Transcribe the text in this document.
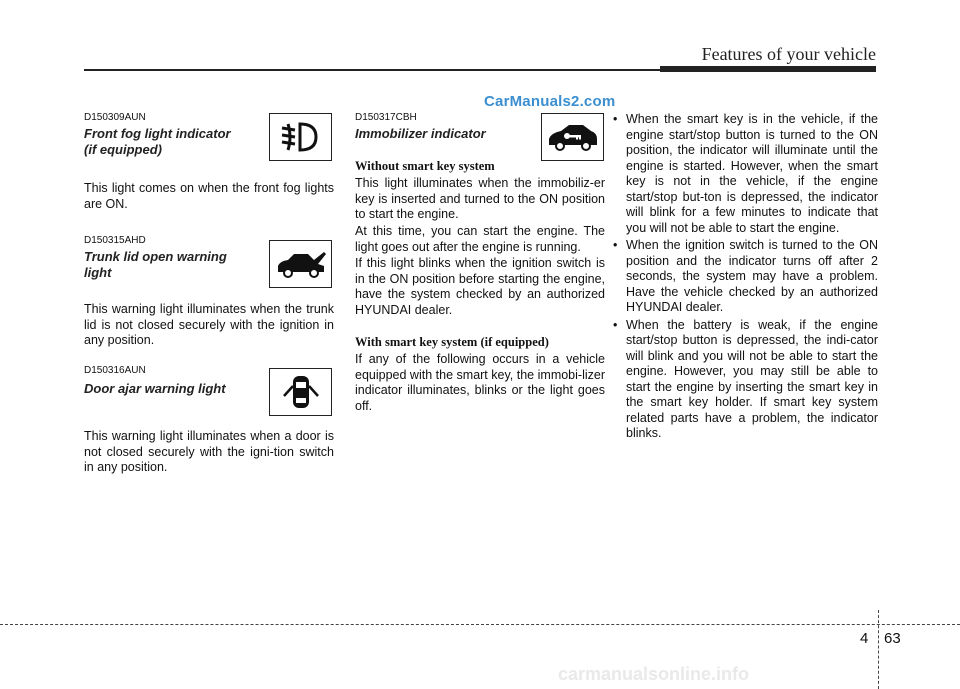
Features of your vehicle
CarManuals2.com
D150309AUN
Front fog light indicator
(if equipped)
This light comes on when the front fog lights are ON.
D150315AHD
Trunk lid open warning
light
This warning light illuminates when the trunk lid is not closed securely with the ignition in any position.
D150316AUN
Door ajar warning light
This warning light illuminates when a door is not closed securely with the igni-tion switch in any position.
D150317CBH
Immobilizer indicator
Without smart key system
This light illuminates when the immobiliz-er key is inserted and turned to the ON position to start the engine.
At this time, you can start the engine. The light goes out after the engine is running.
If this light blinks when the ignition switch is in the ON position before starting the engine, have the system checked by an authorized HYUNDAI dealer.
With smart key system (if equipped)
If any of the following occurs in a vehicle equipped with the smart key, the immobi-lizer indicator illuminates, blinks or the light goes off.
• When the smart key is in the vehicle, if the engine start/stop button is turned to the ON position, the indicator will illuminate until the engine is started. However, when the smart key is not in the vehicle, if the engine start/stop but-ton is depressed, the indicator will blink for a few minutes to indicate that you will not be able to start the engine.
• When the ignition switch is turned to the ON position and the indicator turns off after 2 seconds, the system may have a problem. Have the vehicle checked by an authorized HYUNDAI dealer.
• When the battery is weak, if the engine start/stop button is depressed, the indi-cator will blink and you will not be able to start the engine. However, you may still be able to start the engine by inserting the smart key in the smart key holder. If smart key system related parts have a problem, the indicator blinks.
4 63
carmanualsonline.info
